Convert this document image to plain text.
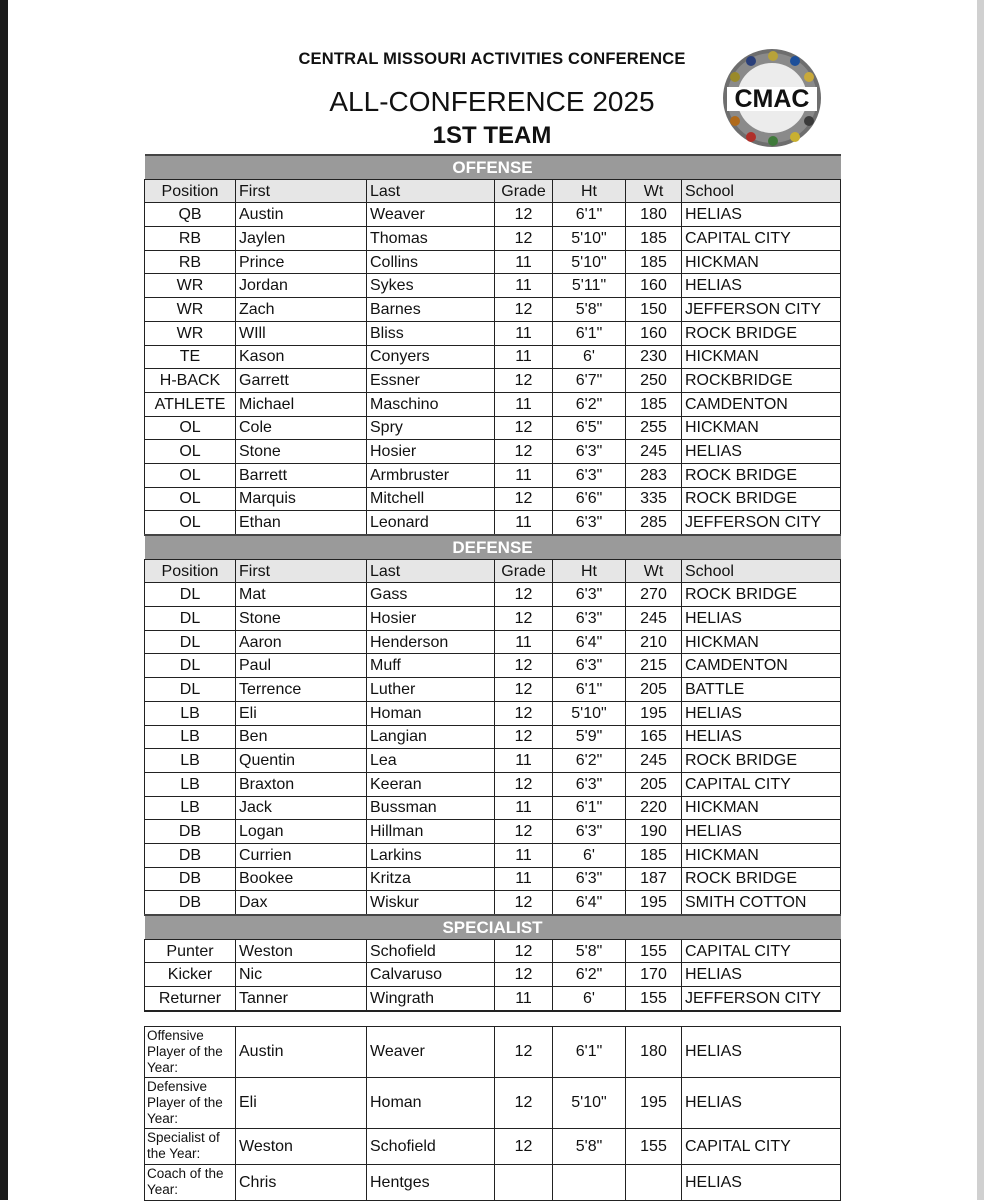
CENTRAL MISSOURI ACTIVITIES CONFERENCE
ALL-CONFERENCE 2025
1ST TEAM
CMAC
OFFENSE						
Position	First	Last	Grade	Ht	Wt	School
QB	Austin	Weaver	12	6'1"	180	HELIAS
RB	Jaylen	Thomas	12	5'10"	185	CAPITAL CITY
RB	Prince	Collins	11	5'10"	185	HICKMAN
WR	Jordan	Sykes	11	5'11"	160	HELIAS
WR	Zach	Barnes	12	5'8"	150	JEFFERSON CITY
WR	WIll	Bliss	11	6'1"	160	ROCK BRIDGE
TE	Kason	Conyers	11	6'	230	HICKMAN
H-BACK	Garrett	Essner	12	6'7"	250	ROCKBRIDGE
ATHLETE	Michael	Maschino	11	6'2"	185	CAMDENTON
OL	Cole	Spry	12	6'5"	255	HICKMAN
OL	Stone	Hosier	12	6'3"	245	HELIAS
OL	Barrett	Armbruster	11	6'3"	283	ROCK BRIDGE
OL	Marquis	Mitchell	12	6'6"	335	ROCK BRIDGE
OL	Ethan	Leonard	11	6'3"	285	JEFFERSON CITY
DEFENSE						
Position	First	Last	Grade	Ht	Wt	School
DL	Mat	Gass	12	6'3"	270	ROCK BRIDGE
DL	Stone	Hosier	12	6'3"	245	HELIAS
DL	Aaron	Henderson	11	6'4"	210	HICKMAN
DL	Paul	Muff	12	6'3"	215	CAMDENTON
DL	Terrence	Luther	12	6'1"	205	BATTLE
LB	Eli	Homan	12	5'10"	195	HELIAS
LB	Ben	Langian	12	5'9"	165	HELIAS
LB	Quentin	Lea	11	6'2"	245	ROCK BRIDGE
LB	Braxton	Keeran	12	6'3"	205	CAPITAL CITY
LB	Jack	Bussman	11	6'1"	220	HICKMAN
DB	Logan	Hillman	12	6'3"	190	HELIAS
DB	Currien	Larkins	11	6'	185	HICKMAN
DB	Bookee	Kritza	11	6'3"	187	ROCK BRIDGE
DB	Dax	Wiskur	12	6'4"	195	SMITH COTTON
SPECIALIST						
Punter	Weston	Schofield	12	5'8"	155	CAPITAL CITY
Kicker	Nic	Calvaruso	12	6'2"	170	HELIAS
Returner	Tanner	Wingrath	11	6'	155	JEFFERSON CITY

Offensive Player of the Year:	Austin	Weaver	12	6'1"	180	HELIAS
Defensive Player of the Year:	Eli	Homan	12	5'10"	195	HELIAS
Specialist of the Year:	Weston	Schofield	12	5'8"	155	CAPITAL CITY
Coach of the Year:	Chris	Hentges				HELIAS
